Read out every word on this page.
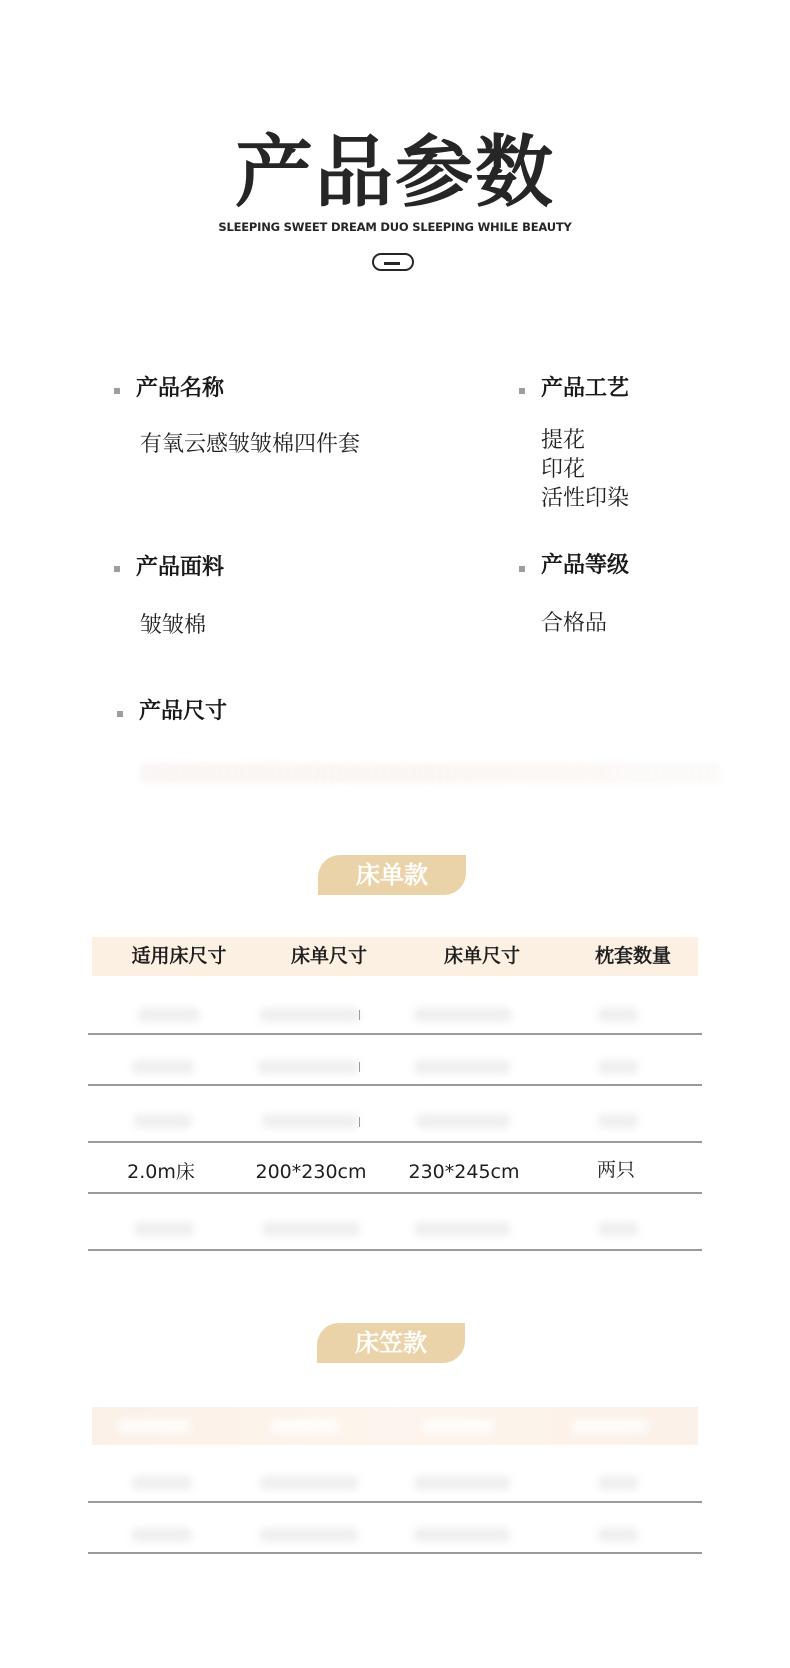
产品参数
SLEEPING SWEET DREAM DUO SLEEPING WHILE BEAUTY
产品名称
有氧云感皱皱棉四件套
产品工艺
提花
印花
活性印染
产品面料
皱皱棉
产品等级
合格品
产品尺寸
床单款
适用床尺寸	床单尺寸	床单尺寸	枕套数量
2.0m床	200*230cm	230*245cm	两只
床笠款
